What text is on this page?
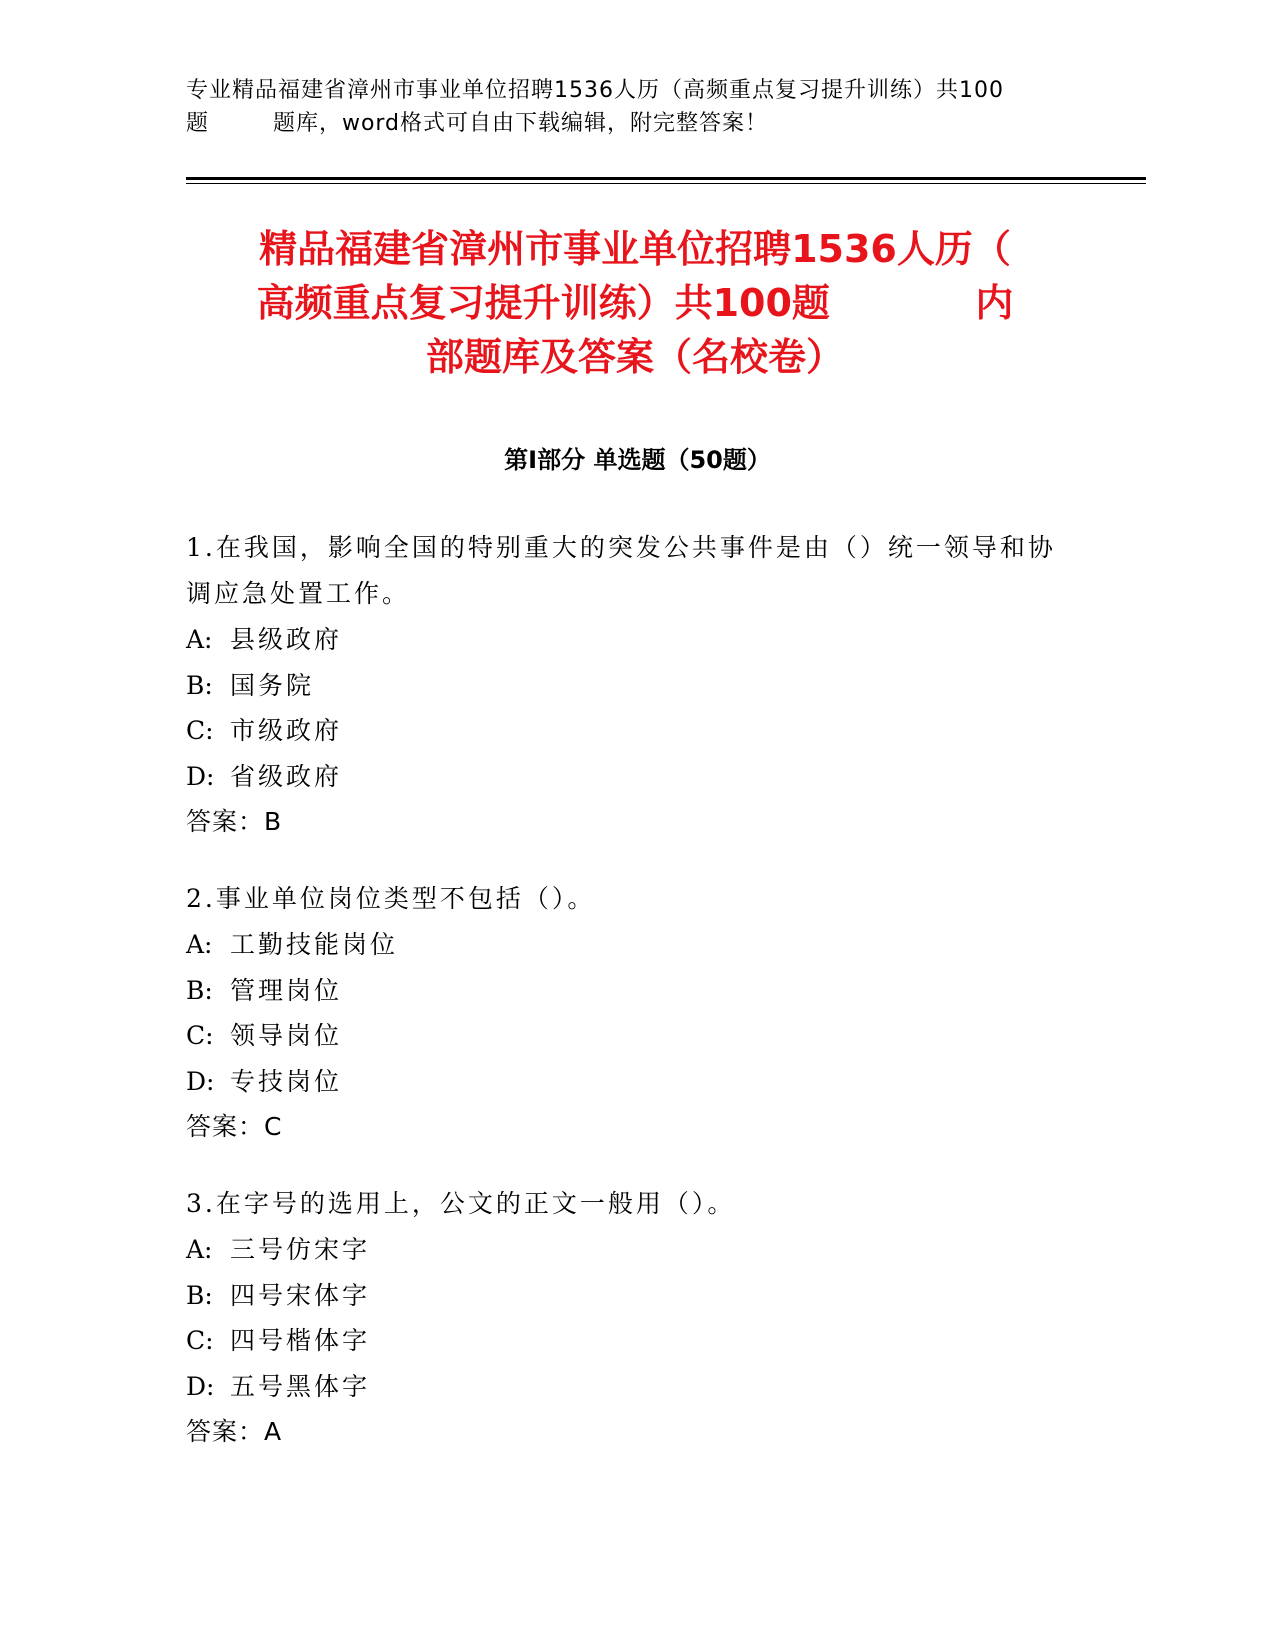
专业精品福建省漳州市事业单位招聘1536人历（高频重点复习提升训练）共100
题        题库，word格式可自由下载编辑，附完整答案！
精品福建省漳州市事业单位招聘1536人历（
高频重点复习提升训练）共100题           内
部题库及答案（名校卷）
第Ⅰ部分 单选题（50题）
1.在我国，影响全国的特别重大的突发公共事件是由（）统一领导和协调应急处置工作。
A: 县级政府
B: 国务院
C: 市级政府
D: 省级政府
答案：B
2.事业单位岗位类型不包括（）。
A: 工勤技能岗位
B: 管理岗位
C: 领导岗位
D: 专技岗位
答案：C
3.在字号的选用上，公文的正文一般用（）。
A: 三号仿宋字
B: 四号宋体字
C: 四号楷体字
D: 五号黑体字
答案：A
